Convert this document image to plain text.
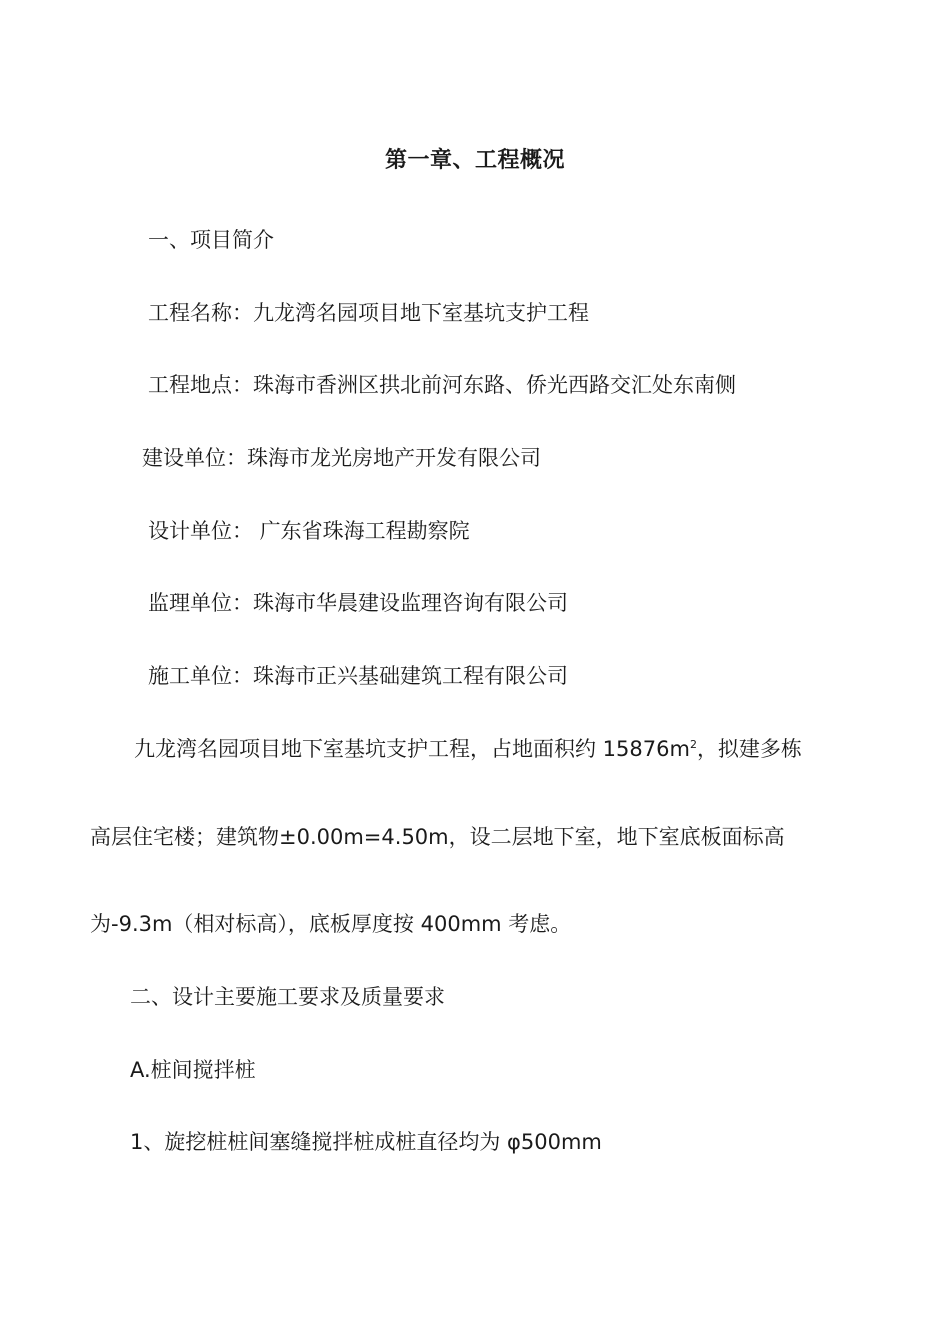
第一章、工程概况
一、项目简介
工程名称：九龙湾名园项目地下室基坑支护工程
工程地点：珠海市香洲区拱北前河东路、侨光西路交汇处东南侧
建设单位：珠海市龙光房地产开发有限公司
设计单位： 广东省珠海工程勘察院
监理单位：珠海市华晨建设监理咨询有限公司
施工单位：珠海市正兴基础建筑工程有限公司
九龙湾名园项目地下室基坑支护工程，占地面积约 $15876m^2$，拟建多栋
高层住宅楼；建筑物±0.00m=4.50m，设二层地下室，地下室底板面标高
为-9.3m（相对标高），底板厚度按 400mm 考虑。
二、设计主要施工要求及质量要求
A.桩间搅拌桩
1、旋挖桩桩间塞缝搅拌桩成桩直径均为 φ500mm
